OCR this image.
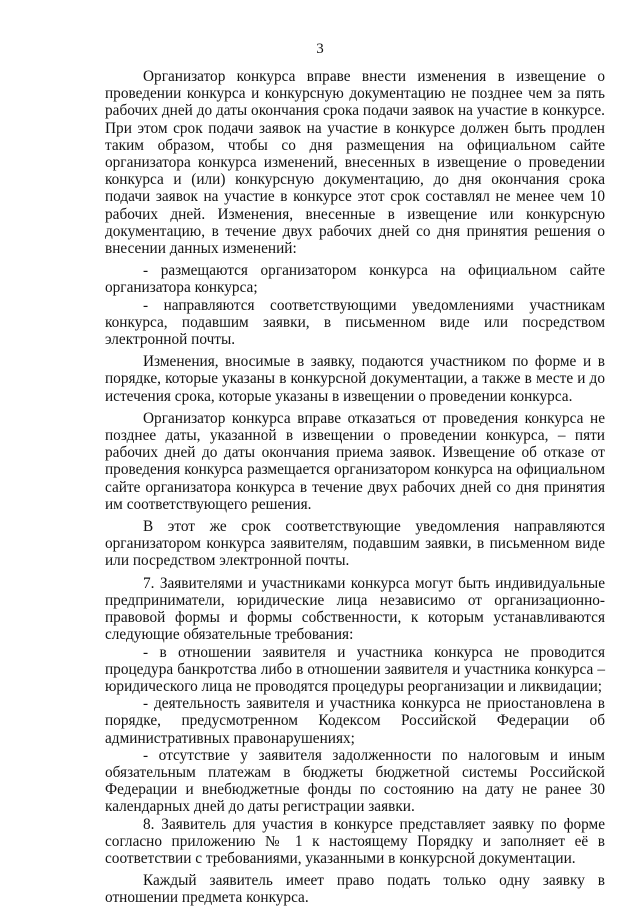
3

Организатор конкурса вправе внести изменения в извещение о проведении конкурса и конкурсную документацию не позднее чем за пять рабочих дней до даты окончания срока подачи заявок на участие в конкурсе. При этом срок подачи заявок на участие в конкурсе должен быть продлен таким образом, чтобы со дня размещения на официальном сайте организатора конкурса изменений, внесенных в извещение о проведении конкурса и (или) конкурсную документацию, до дня окончания срока подачи заявок на участие в конкурсе этот срок составлял не менее чем 10 рабочих дней. Изменения, внесенные в извещение или конкурсную документацию, в течение двух рабочих дней со дня принятия решения о внесении данных изменений:

- размещаются организатором конкурса на официальном сайте организатора конкурса;

- направляются соответствующими уведомлениями участникам конкурса, подавшим заявки, в письменном виде или посредством электронной почты.

Изменения, вносимые в заявку, подаются участником по форме и в порядке, которые указаны в конкурсной документации, а также в месте и до истечения срока, которые указаны в извещении о проведении конкурса.

Организатор конкурса вправе отказаться от проведения конкурса не позднее даты, указанной в извещении о проведении конкурса, – пяти рабочих дней до даты окончания приема заявок. Извещение об отказе от проведения конкурса размещается организатором конкурса на официальном сайте организатора конкурса в течение двух рабочих дней со дня принятия им соответствующего решения.

В этот же срок соответствующие уведомления направляются организатором конкурса заявителям, подавшим заявки, в письменном виде или посредством электронной почты.

7. Заявителями и участниками конкурса могут быть индивидуальные предприниматели, юридические лица независимо от организационно-правовой формы и формы собственности, к которым устанавливаются следующие обязательные требования:

- в отношении заявителя и участника конкурса не проводится процедура банкротства либо в отношении заявителя и участника конкурса – юридического лица не проводятся процедуры реорганизации и ликвидации;

- деятельность заявителя и участника конкурса не приостановлена в порядке, предусмотренном Кодексом Российской Федерации об административных правонарушениях;

- отсутствие у заявителя задолженности по налоговым и иным обязательным платежам в бюджеты бюджетной системы Российской Федерации и внебюджетные фонды по состоянию на дату не ранее 30 календарных дней до даты регистрации заявки.

8. Заявитель для участия в конкурсе представляет заявку по форме согласно приложению № 1 к настоящему Порядку и заполняет её в соответствии с требованиями, указанными в конкурсной документации.

Каждый заявитель имеет право подать только одну заявку в отношении предмета конкурса.
